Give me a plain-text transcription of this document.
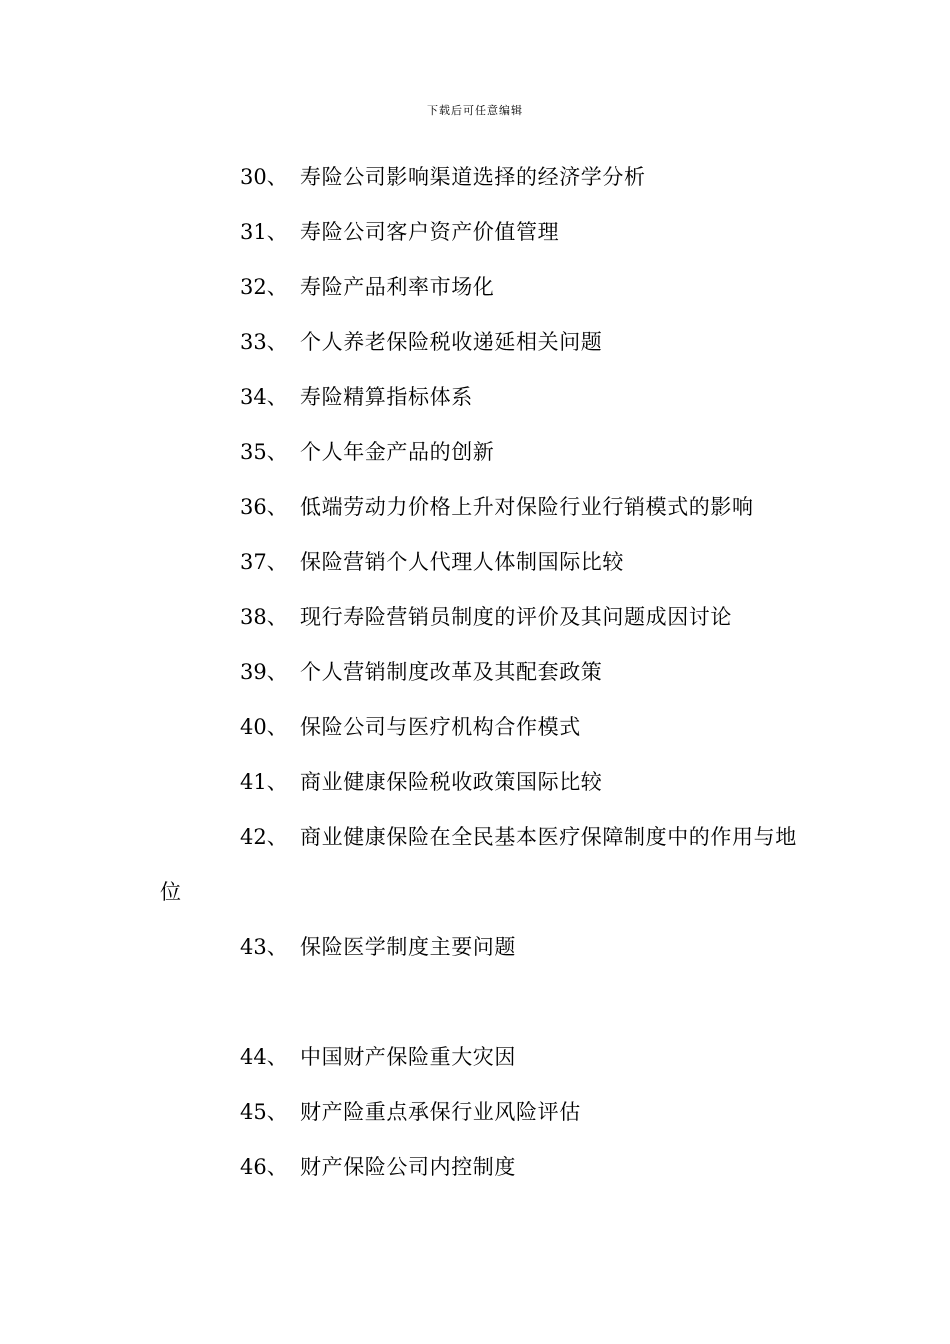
下载后可任意编辑
30、 寿险公司影响渠道选择的经济学分析
31、 寿险公司客户资产价值管理
32、 寿险产品利率市场化
33、 个人养老保险税收递延相关问题
34、 寿险精算指标体系
35、 个人年金产品的创新
36、 低端劳动力价格上升对保险行业行销模式的影响
37、 保险营销个人代理人体制国际比较
38、 现行寿险营销员制度的评价及其问题成因讨论
39、 个人营销制度改革及其配套政策
40、 保险公司与医疗机构合作模式
41、 商业健康保险税收政策国际比较
42、 商业健康保险在全民基本医疗保障制度中的作用与地
位
43、 保险医学制度主要问题
44、 中国财产保险重大灾因
45、 财产险重点承保行业风险评估
46、 财产保险公司内控制度
